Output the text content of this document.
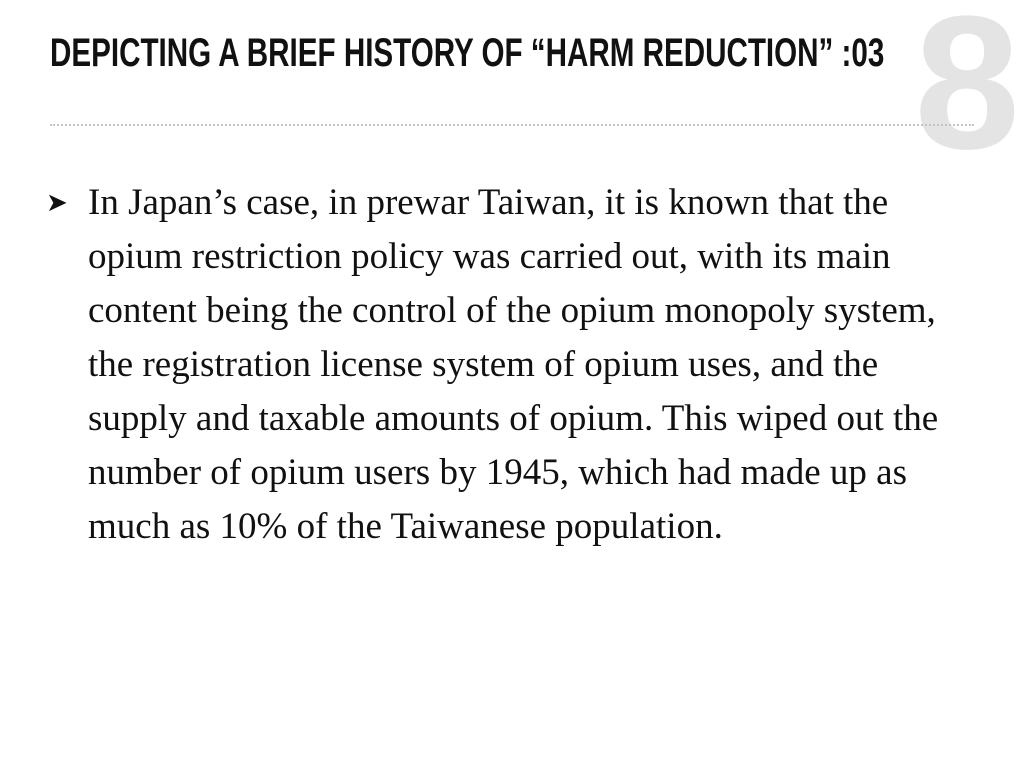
8
DEPICTING A BRIEF HISTORY OF “HARM REDUCTION” :03
➤ In Japan’s case, in prewar Taiwan, it is known that the opium restriction policy was carried out, with its main content being the control of the opium monopoly system, the registration license system of opium uses, and the supply and taxable amounts of opium. This wiped out the number of opium users by 1945, which had made up as much as 10% of the Taiwanese population.
